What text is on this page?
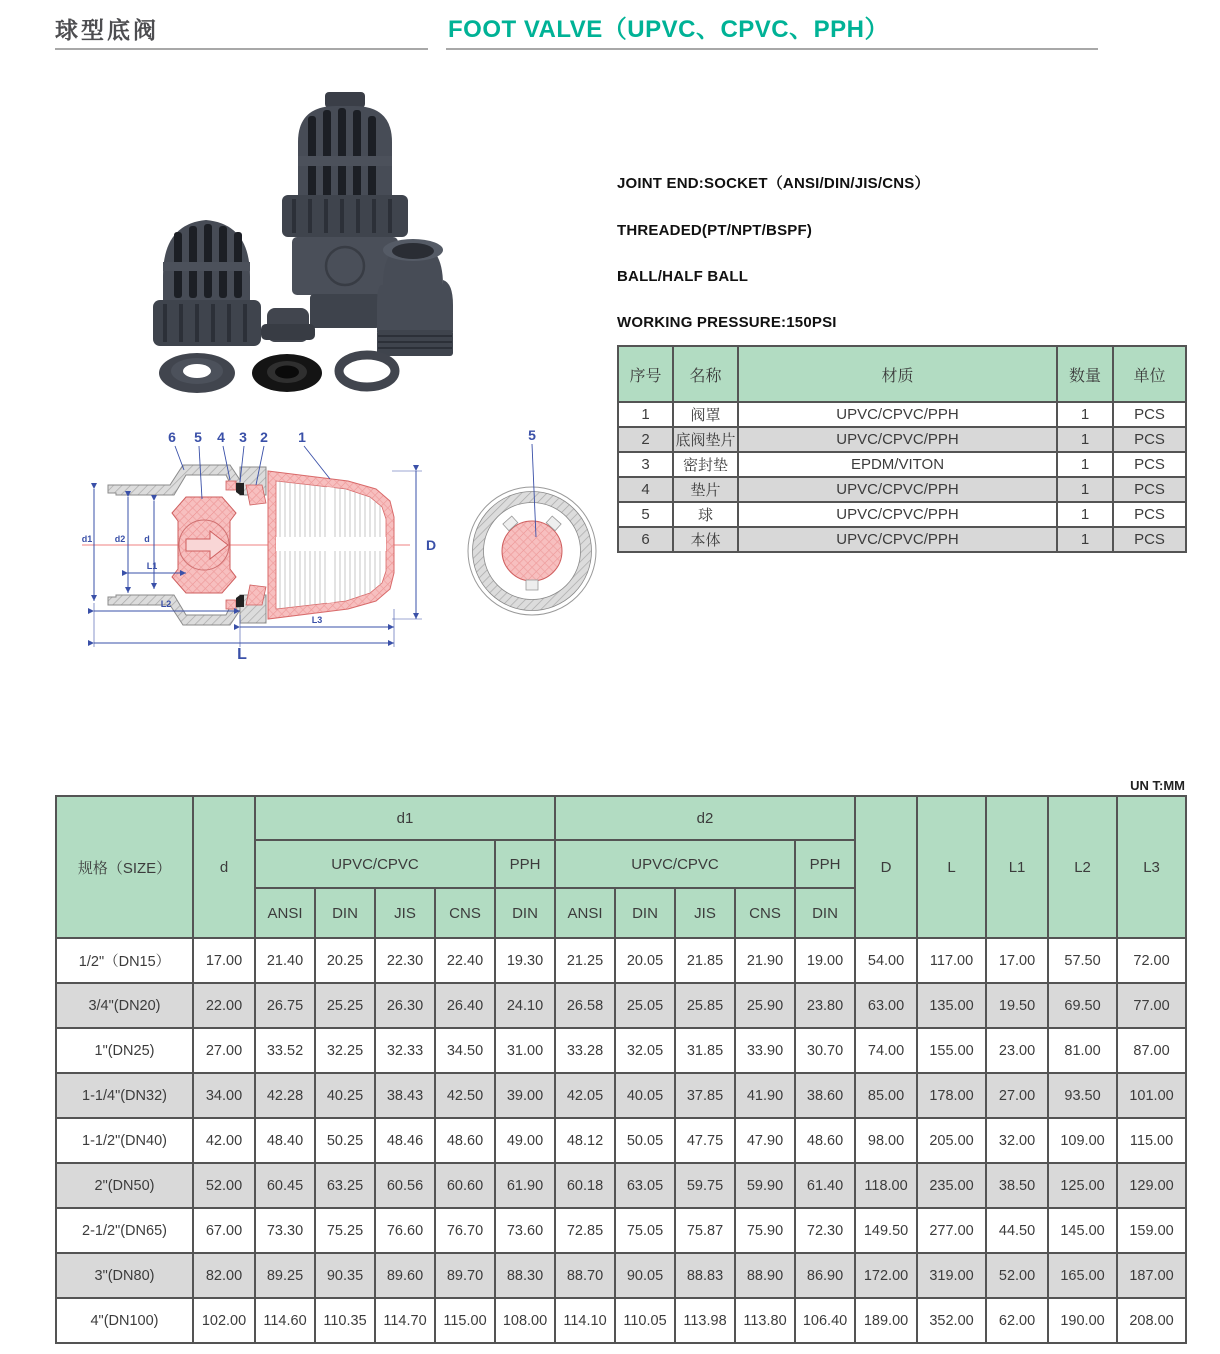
球型底阀	FOOT VALVE（UPVC、CPVC、PPH）
JOINT END:SOCKET（ANSI/DIN/JIS/CNS）
THREADED(PT/NPT/BSPF)
BALL/HALF BALL
WORKING PRESSURE:150PSI
序号	名称	材质	数量	单位
1	阀罩	UPVC/CPVC/PPH	1	PCS
2	底阀垫片	UPVC/CPVC/PPH	1	PCS
3	密封垫	EPDM/VITON	1	PCS
4	垫片	UPVC/CPVC/PPH	1	PCS
5	球	UPVC/CPVC/PPH	1	PCS
6	本体	UPVC/CPVC/PPH	1	PCS
6 5 4 3 2 1
d1 d2 d
L1
L2
L3
L
D
5
UN T:MM
规格（SIZE）	d	d1					d2					D	L	L1	L2	L3
		UPVC/CPVC				PPH	UPVC/CPVC				PPH					
		ANSI	DIN	JIS	CNS	DIN	ANSI	DIN	JIS	CNS	DIN					
1/2"（DN15）	17.00	21.40	20.25	22.30	22.40	19.30	21.25	20.05	21.85	21.90	19.00	54.00	117.00	17.00	57.50	72.00
3/4"(DN20)	22.00	26.75	25.25	26.30	26.40	24.10	26.58	25.05	25.85	25.90	23.80	63.00	135.00	19.50	69.50	77.00
1"(DN25)	27.00	33.52	32.25	32.33	34.50	31.00	33.28	32.05	31.85	33.90	30.70	74.00	155.00	23.00	81.00	87.00
1-1/4"(DN32)	34.00	42.28	40.25	38.43	42.50	39.00	42.05	40.05	37.85	41.90	38.60	85.00	178.00	27.00	93.50	101.00
1-1/2"(DN40)	42.00	48.40	50.25	48.46	48.60	49.00	48.12	50.05	47.75	47.90	48.60	98.00	205.00	32.00	109.00	115.00
2"(DN50)	52.00	60.45	63.25	60.56	60.60	61.90	60.18	63.05	59.75	59.90	61.40	118.00	235.00	38.50	125.00	129.00
2-1/2"(DN65)	67.00	73.30	75.25	76.60	76.70	73.60	72.85	75.05	75.87	75.90	72.30	149.50	277.00	44.50	145.00	159.00
3"(DN80)	82.00	89.25	90.35	89.60	89.70	88.30	88.70	90.05	88.83	88.90	86.90	172.00	319.00	52.00	165.00	187.00
4"(DN100)	102.00	114.60	110.35	114.70	115.00	108.00	114.10	110.05	113.98	113.80	106.40	189.00	352.00	62.00	190.00	208.00
